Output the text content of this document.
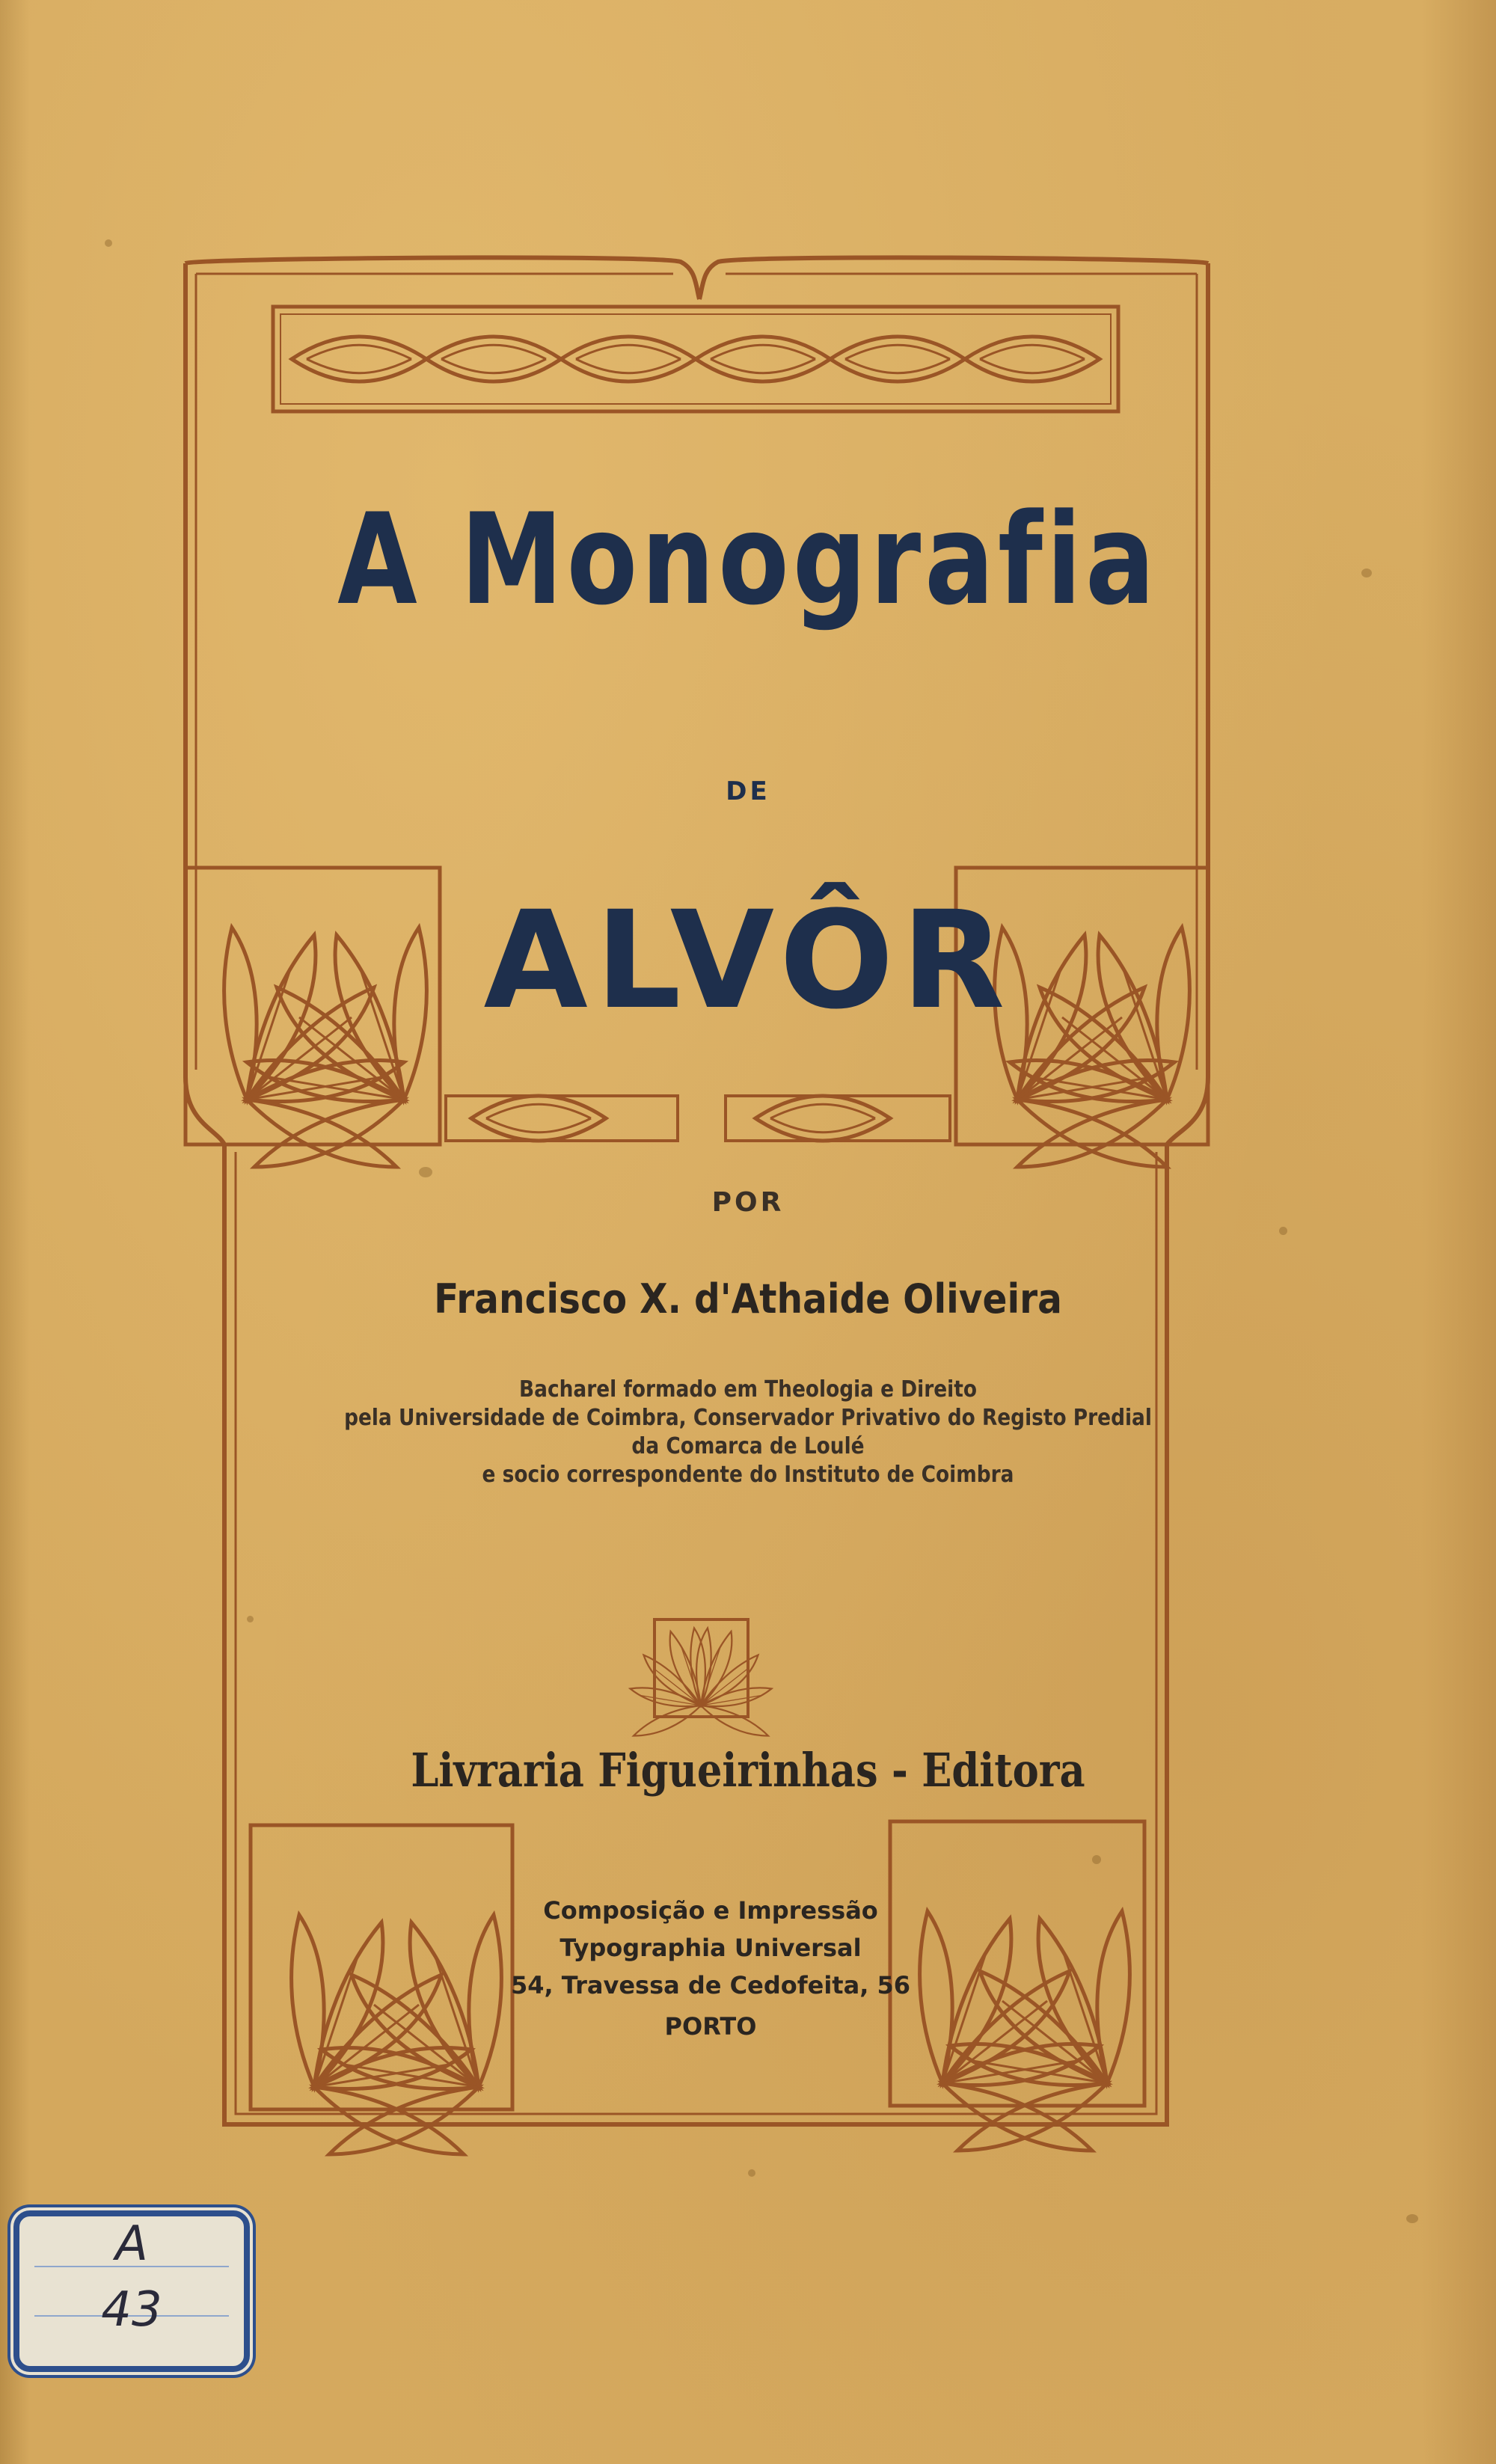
A Monografia
DE
ALVÔR
POR
Francisco X. d'Athaide Oliveira
Bacharel formado em Theologia e Direito
pela Universidade de Coimbra, Conservador Privativo do Registo Predial
da Comarca de Loulé
e socio correspondente do Instituto de Coimbra
Livraria Figueirinhas - Editora
Composição e Impressão
Typographia Universal
54, Travessa de Cedofeita, 56
PORTO
A
43
